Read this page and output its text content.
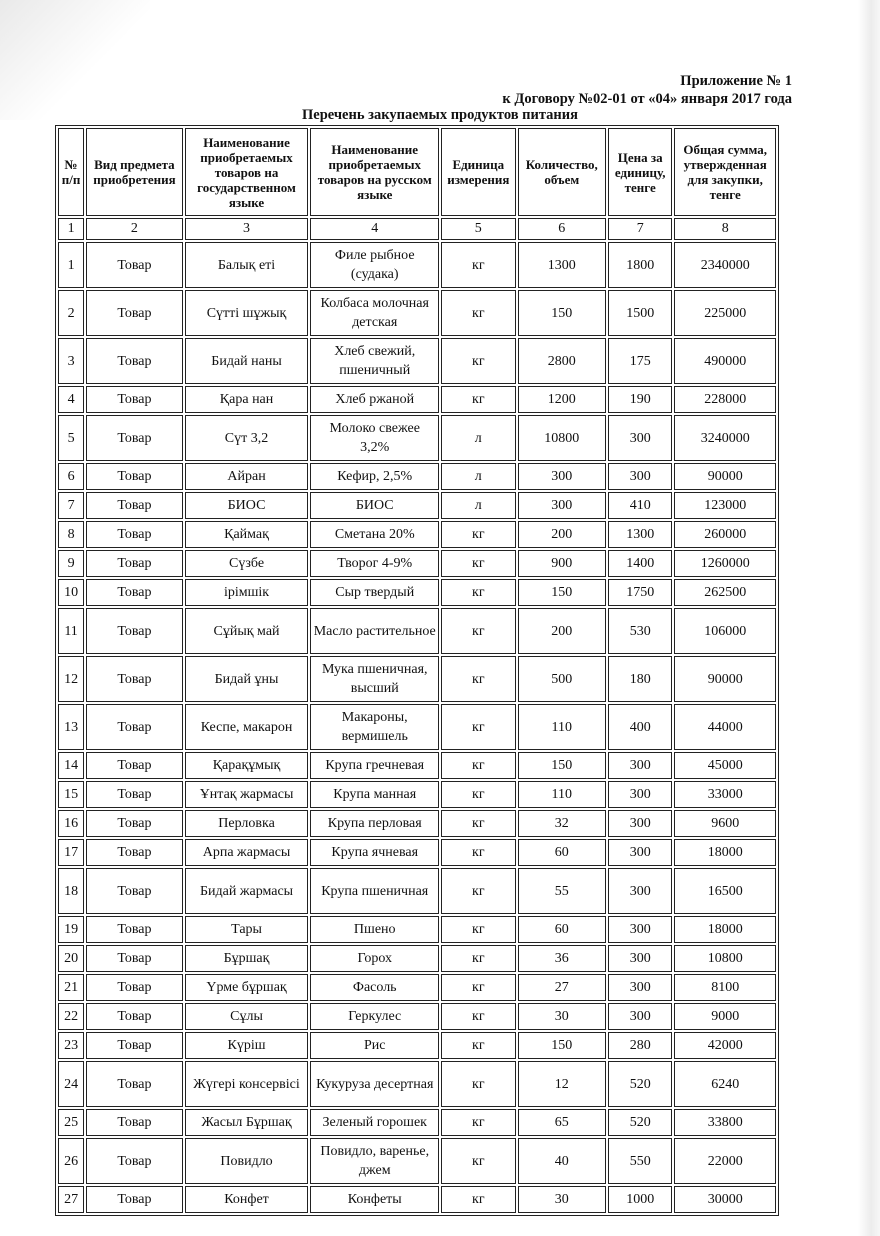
Приложение № 1
к Договору №02-01 от «04» января 2017 года
Перечень закупаемых продуктов питания
№ п/п	Вид предмета приобретения	Наименование приобретаемых товаров на государственном языке	Наименование приобретаемых товаров на русском языке	Единица измерения	Количество, объем	Цена за единицу, тенге	Общая сумма, утвержденная для закупки, тенге
1	2	3	4	5	6	7	8
1	Товар	Балық еті	Филе рыбное (судака)	кг	1300	1800	2340000
2	Товар	Сүтті шұжық	Колбаса молочная детская	кг	150	1500	225000
3	Товар	Бидай наны	Хлеб свежий, пшеничный	кг	2800	175	490000
4	Товар	Қара нан	Хлеб ржаной	кг	1200	190	228000
5	Товар	Сүт 3,2	Молоко свежее 3,2%	л	10800	300	3240000
6	Товар	Айран	Кефир, 2,5%	л	300	300	90000
7	Товар	БИОС	БИОС	л	300	410	123000
8	Товар	Қаймақ	Сметана 20%	кг	200	1300	260000
9	Товар	Сүзбе	Творог 4-9%	кг	900	1400	1260000
10	Товар	ірімшік	Сыр твердый	кг	150	1750	262500
11	Товар	Сұйық май	Масло растительное	кг	200	530	106000
12	Товар	Бидай ұны	Мука пшеничная, высший	кг	500	180	90000
13	Товар	Кеспе, макарон	Макароны, вермишель	кг	110	400	44000
14	Товар	Қарақұмық	Крупа гречневая	кг	150	300	45000
15	Товар	Ұнтақ жармасы	Крупа манная	кг	110	300	33000
16	Товар	Перловка	Крупа перловая	кг	32	300	9600
17	Товар	Арпа жармасы	Крупа ячневая	кг	60	300	18000
18	Товар	Бидай жармасы	Крупа пшеничная	кг	55	300	16500
19	Товар	Тары	Пшено	кг	60	300	18000
20	Товар	Бұршақ	Горох	кг	36	300	10800
21	Товар	Үрме бұршақ	Фасоль	кг	27	300	8100
22	Товар	Сұлы	Геркулес	кг	30	300	9000
23	Товар	Күріш	Рис	кг	150	280	42000
24	Товар	Жүгері консервісі	Кукуруза десертная	кг	12	520	6240
25	Товар	Жасыл Бұршақ	Зеленый горошек	кг	65	520	33800
26	Товар	Повидло	Повидло, варенье, джем	кг	40	550	22000
27	Товар	Конфет	Конфеты	кг	30	1000	30000
